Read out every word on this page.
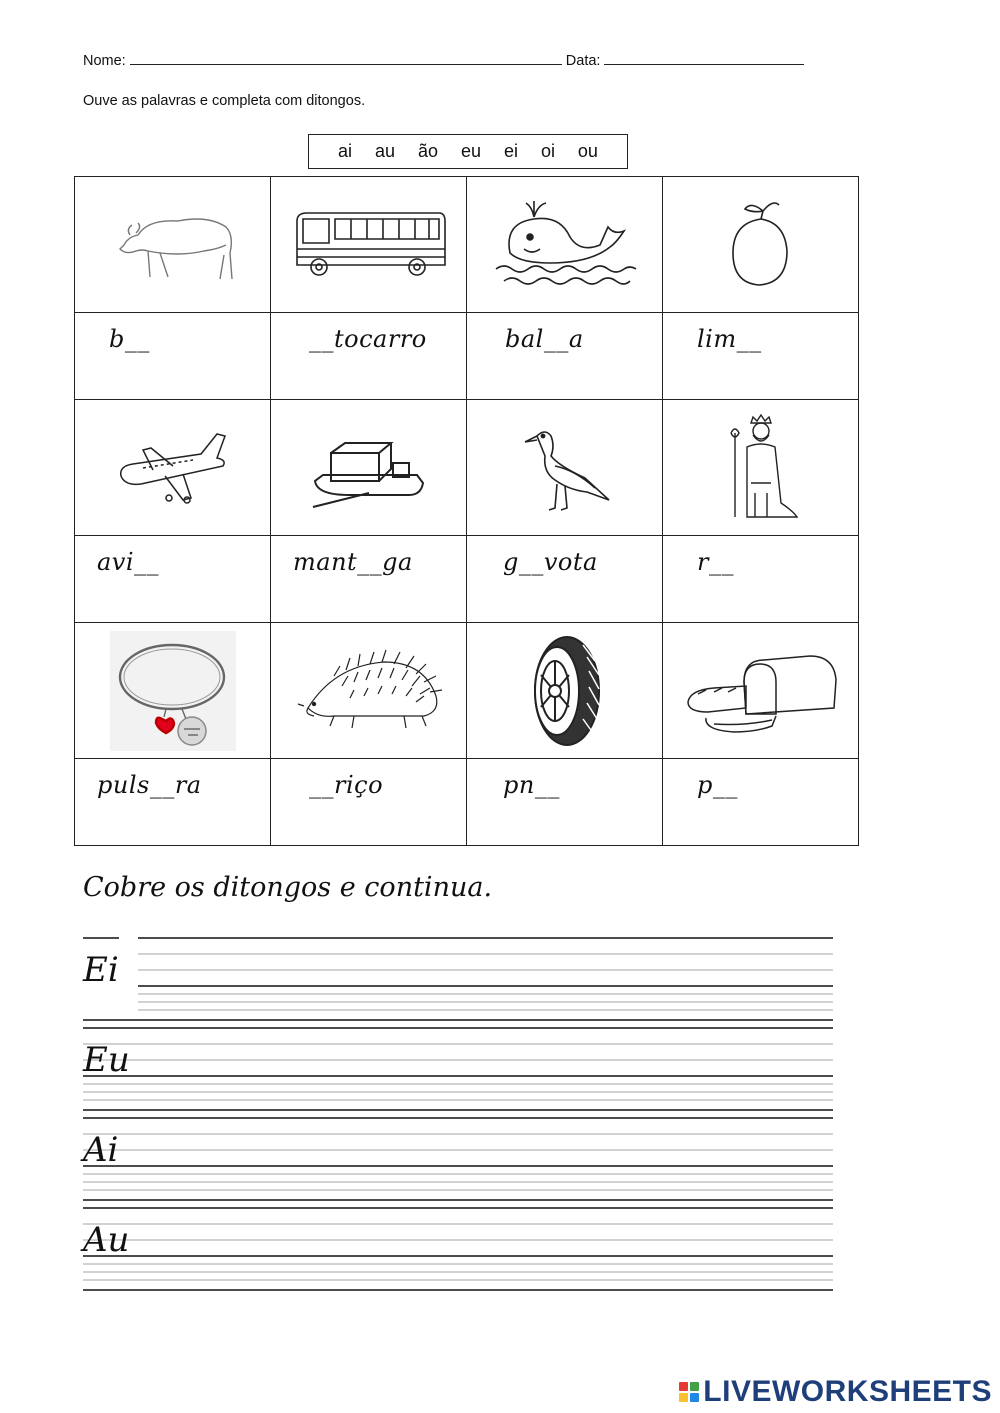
Nome:	Data:
Ouve as palavras e completa com ditongos.
ai au ão eu ei oi ou

b__	__tocarro	bal__a	lim__

avi__	mant__ga	g__vota	r__

puls__ra	__riço	pn__	p__
Cobre os ditongos e continua.
Ei
Eu
Ai
Au
LIVEWORKSHEETS
